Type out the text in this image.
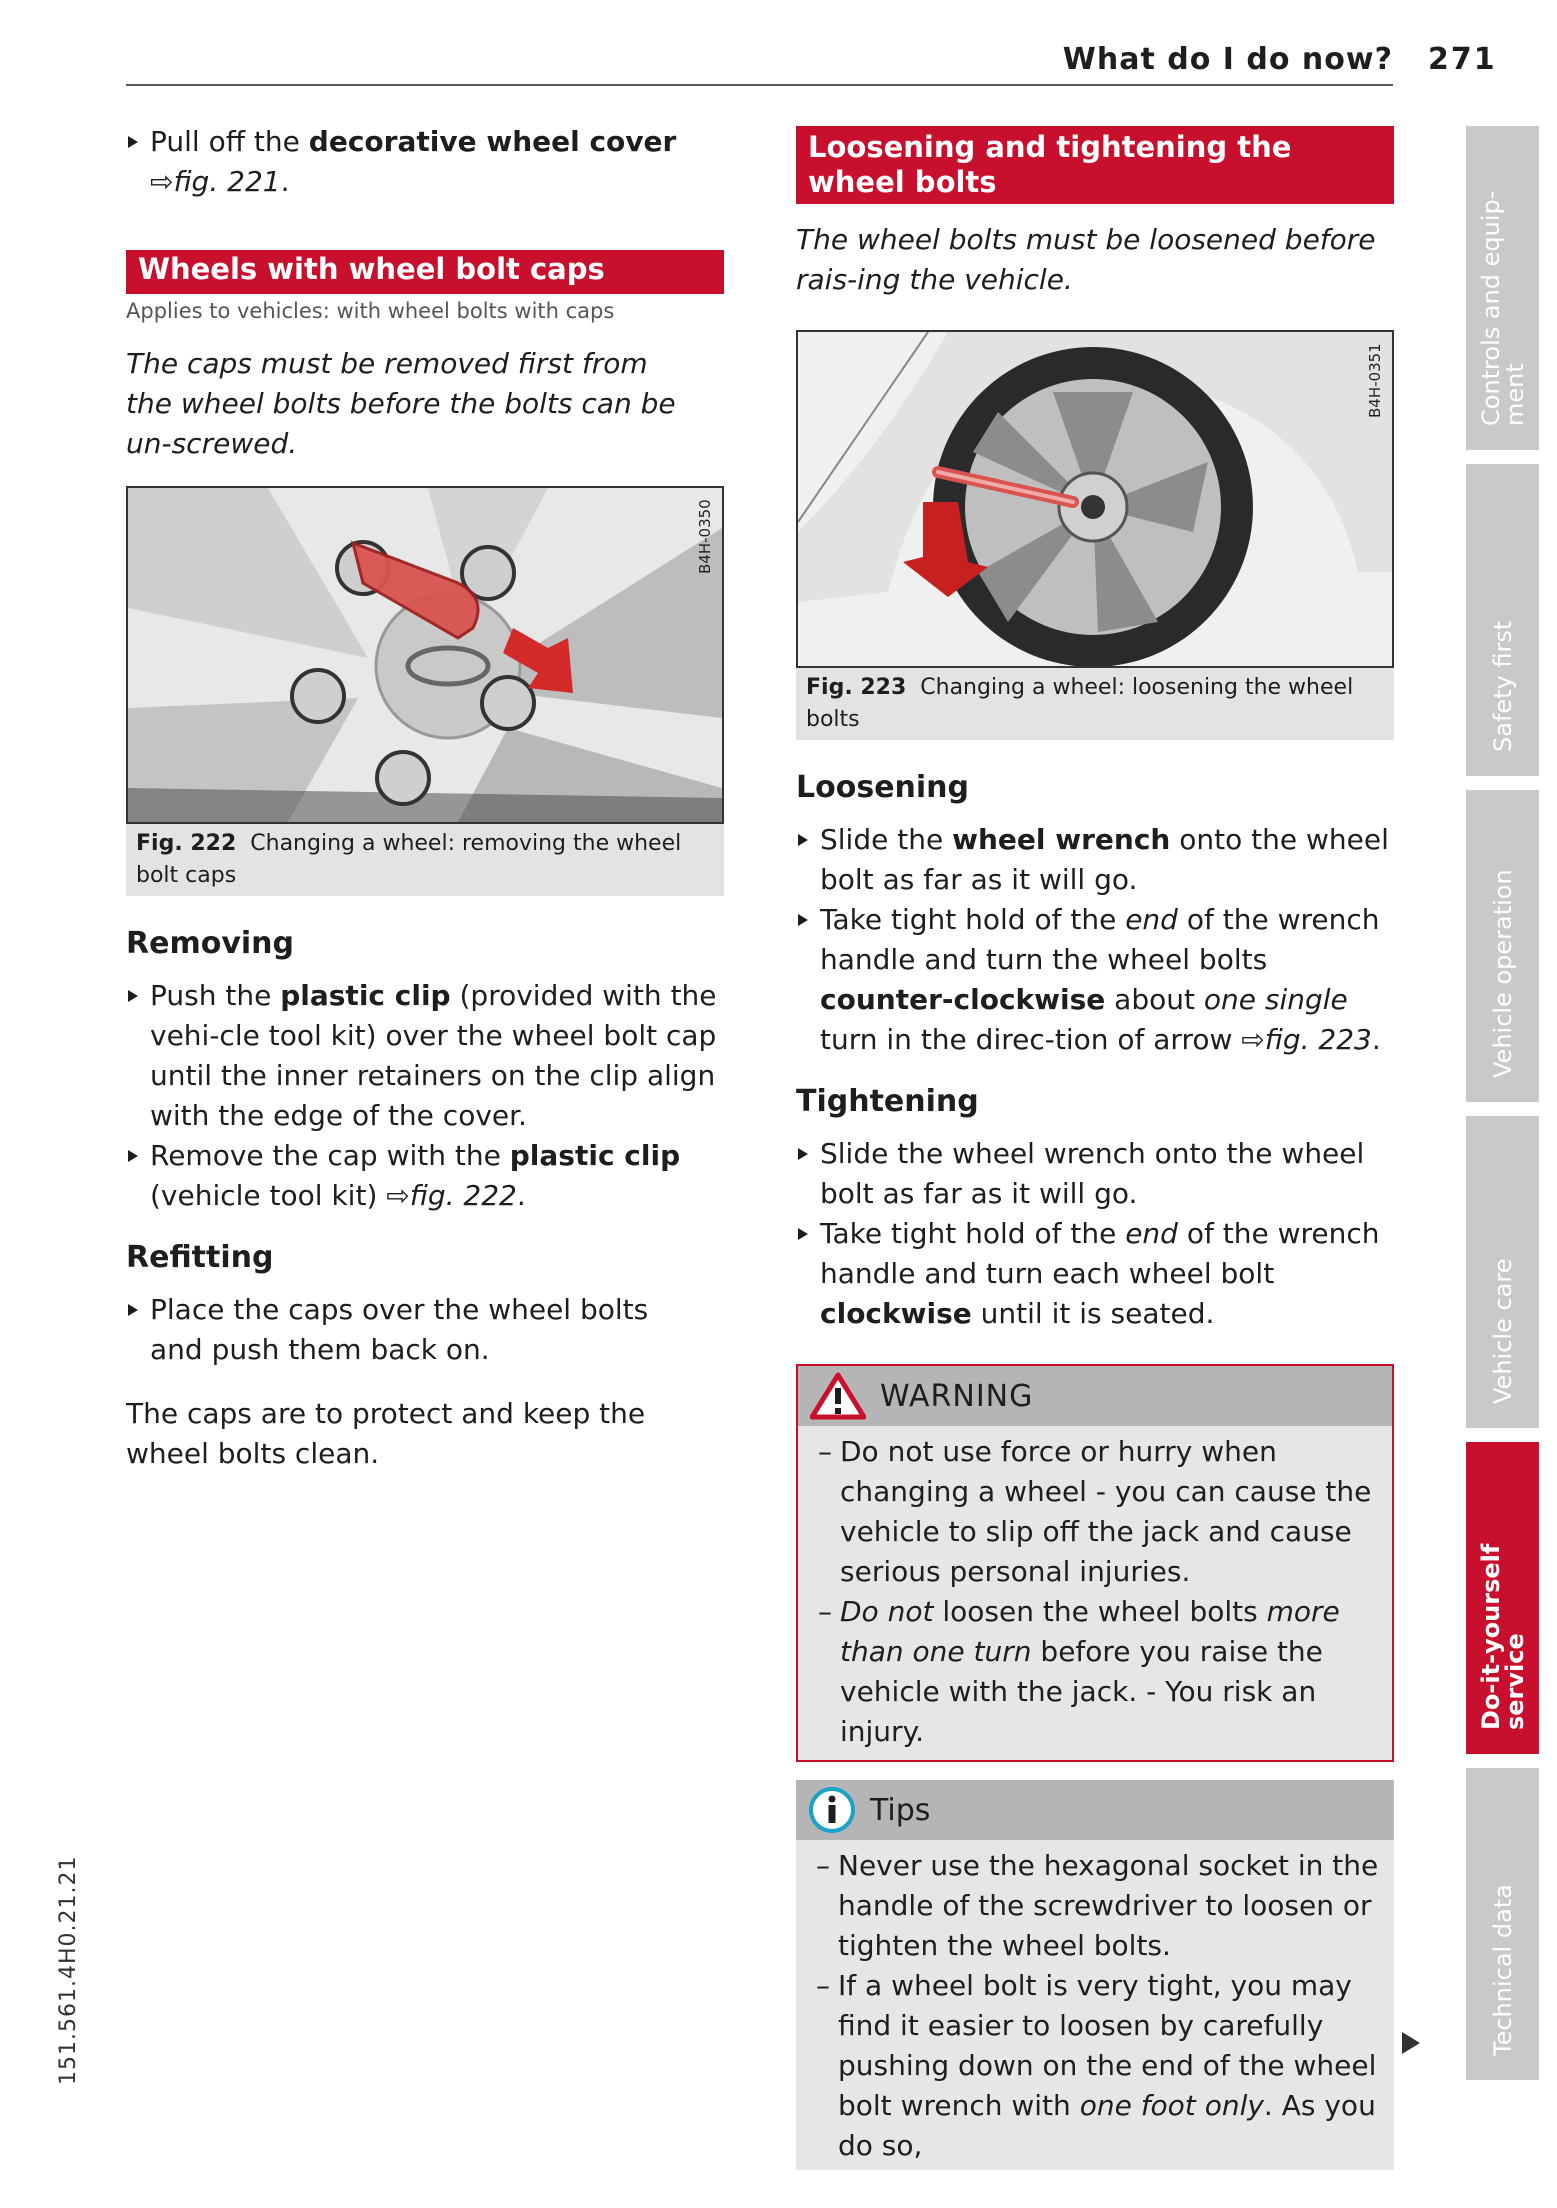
What do I do now? 271
151.561.4H0.21.21
Controls and equip-
ment
Safety first
Vehicle operation
Vehicle care
Do-it-yourself
service
Technical data

Pull off the decorative wheel cover
⇨fig. 221.

Wheels with wheel bolt caps
Applies to vehicles: with wheel bolts with caps

The caps must be removed first from the wheel bolts before the bolts can be un-screwed.

B4H-0350
Fig. 222 Changing a wheel: removing the wheel bolt caps

Removing

Push the plastic clip (provided with the vehi-cle tool kit) over the wheel bolt cap until the inner retainers on the clip align with the edge of the cover.

Remove the cap with the plastic clip (vehicle tool kit) ⇨fig. 222.

Refitting

Place the caps over the wheel bolts and push them back on.

The caps are to protect and keep the wheel bolts clean.

Loosening and tightening the wheel bolts

The wheel bolts must be loosened before rais-ing the vehicle.

B4H-0351
Fig. 223 Changing a wheel: loosening the wheel bolts

Loosening

Slide the wheel wrench onto the wheel bolt as far as it will go.

Take tight hold of the end of the wrench handle and turn the wheel bolts counter-clockwise about one single turn in the direc-tion of arrow ⇨fig. 223.

Tightening

Slide the wheel wrench onto the wheel bolt as far as it will go.

Take tight hold of the end of the wrench handle and turn each wheel bolt clockwise until it is seated.

WARNING

– Do not use force or hurry when changing a wheel - you can cause the vehicle to slip off the jack and cause serious personal injuries.

– Do not loosen the wheel bolts more than one turn before you raise the vehicle with the jack. - You risk an injury.

Tips

– Never use the hexagonal socket in the handle of the screwdriver to loosen or tighten the wheel bolts.

– If a wheel bolt is very tight, you may find it easier to loosen by carefully pushing down on the end of the wheel bolt wrench with one foot only. As you do so,
